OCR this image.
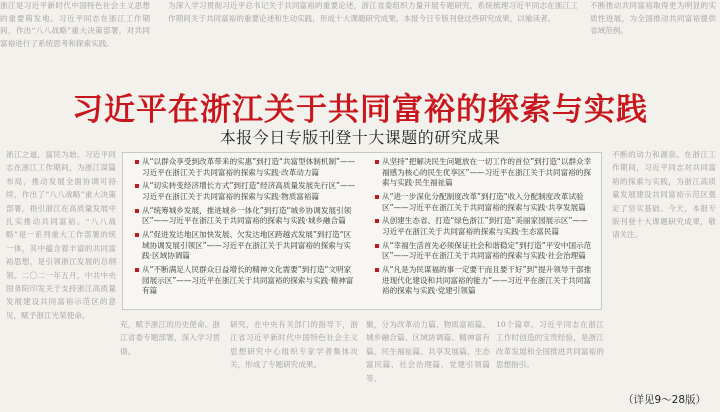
浙江是习近平新时代中国特色社会主义思想的重要萌发地。习近平同志在浙江工作期间，作出“八八战略”重大决策部署，对共同富裕进行了系统思考和探索实践。
为深入学习贯彻习近平总书记关于共同富裕的重要论述，浙江省委组织力量开展专题研究，系统梳理习近平同志在浙江工作期间关于共同富裕的重要论述和生动实践，形成十大课题研究成果。本报今日专版刊登这些研究成果，以飨读者。
不断推动共同富裕取得更为明显的实质性进展，为全国推动共同富裕提供省域范例。
习近平在浙江关于共同富裕的探索与实践
本报今日专版刊登十大课题的研究成果
浙江之道，富民为始。习近平同志在浙江工作期间，为浙江谋篇布局，推动发展全面协调可持续，作出了“八八战略”重大决策部署，指引浙江在高质量发展中扎实推动共同富裕。“八八战略”是一系列重大工作部署的统一体，其中蕴含着丰富的共同富裕思想，是引领浙江发展的总纲领。二〇二一年五月，中共中央国务院印发关于支持浙江高质量发展建设共同富裕示范区的意见，赋予浙江光荣使命。
不断的动力和源泉。在浙江工作期间，习近平同志对共同富裕的探索与实践，为浙江高质量发展建设共同富裕示范区奠定了坚实基础。今天，本报专版刊登十大课题研究成果，敬请关注。
从“以群众享受到改革带来的实惠”到打造“共富型体制机制”——习近平在浙江关于共同富裕的探索与实践·改革动力篇
从“切实转变经济增长方式”到打造“经济高质量发展先行区”——习近平在浙江关于共同富裕的探索与实践·物质富裕篇
从“统筹城乡发展，推进城乡一体化”到打造“城乡协调发展引领区”——习近平在浙江关于共同富裕的探索与实践·城乡融合篇
从“促进发达地区加快发展、欠发达地区跨越式发展”到打造“区域协调发展引领区”——习近平在浙江关于共同富裕的探索与实践·区域协调篇
从“不断满足人民群众日益增长的精神文化需要”到打造“文明家园展示区”——习近平在浙江关于共同富裕的探索与实践·精神富有篇
从坚持“把解决民生问题放在一切工作的首位”到打造“以群众幸福感为核心的民生优享区”——习近平在浙江关于共同富裕的探索与实践·民生福祉篇
从“进一步深化分配制度改革”到打造“收入分配制度改革试验区”——习近平在浙江关于共同富裕的探索与实践·共享发展篇
从创建生态省、打造“绿色浙江”到打造“美丽家园展示区”——习近平在浙江关于共同富裕的探索与实践·生态富民篇
从“幸福生活首先必须保证社会和谐稳定”到打造“平安中国示范区”——习近平在浙江关于共同富裕的探索与实践·社会治理篇
从“凡是为民谋福的事一定要干而且要干好”到“提升领导干部推进现代化建设和共同富裕的能力”——习近平在浙江关于共同富裕的探索与实践·党建引领篇
充，赋予浙江的历史使命。浙江省委专题部署，深入学习贯彻。
研究，在中央有关部门的指导下，浙江省习近平新时代中国特色社会主义思想研究中心组织专家学者集体攻关，形成了专题研究成果。
聚，分为改革动力篇、物质富裕篇、城乡融合篇、区域协调篇、精神富有篇、民生福祉篇、共享发展篇、生态富民篇、社会治理篇、党建引领篇等。
10个篇章。习近平同志在浙江工作时创造的宝贵经验，是浙江改革发展和全国推进共同富裕的思想指引。
（详见9～28版）
